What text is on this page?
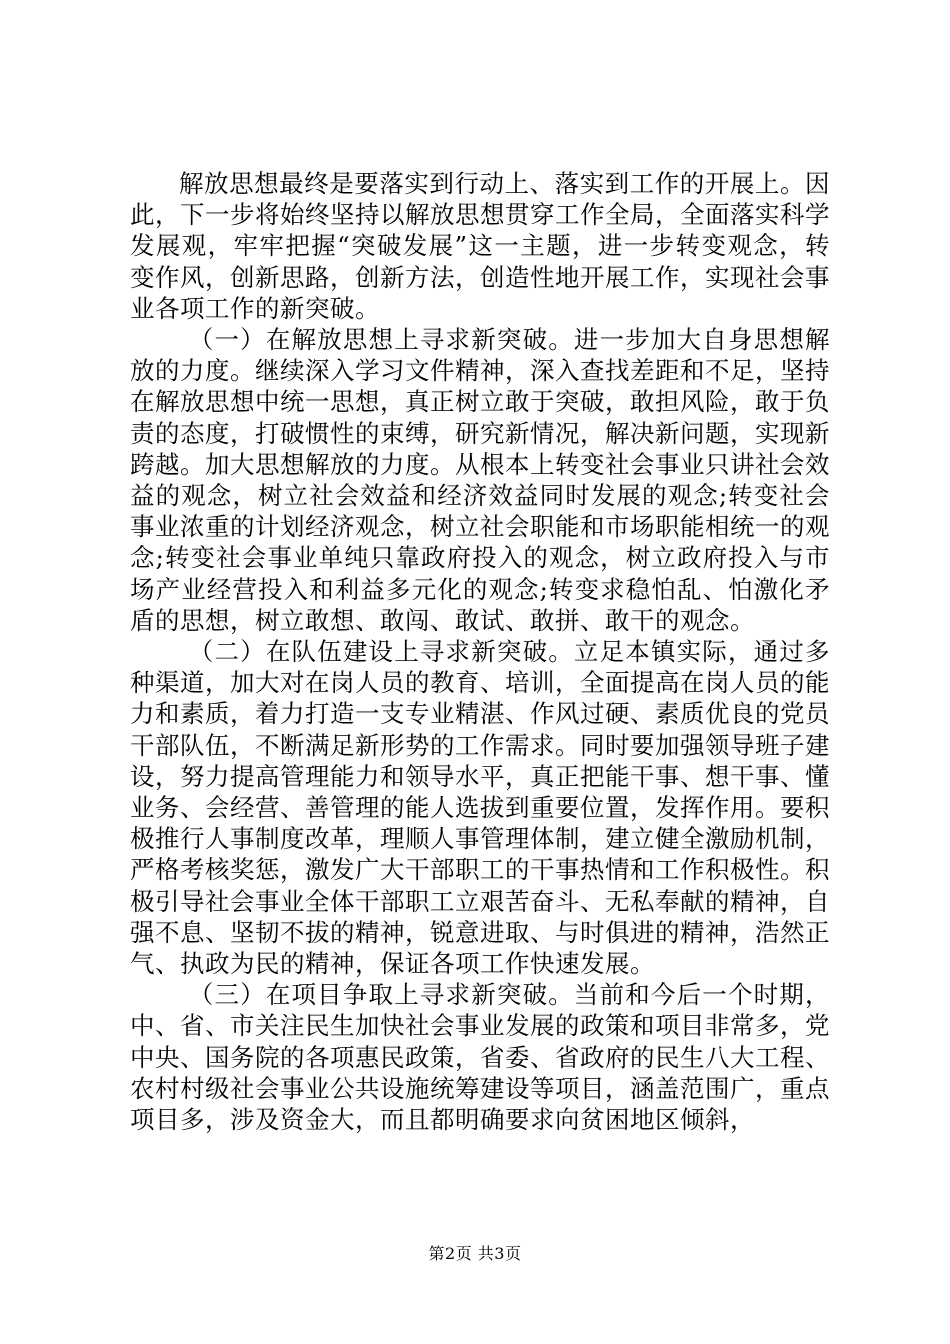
解放思想最终是要落实到行动上、落实到工作的开展上。因此，下一步将始终坚持以解放思想贯穿工作全局，全面落实科学发展观，牢牢把握“突破发展”这一主题，进一步转变观念，转变作风，创新思路，创新方法，创造性地开展工作，实现社会事业各项工作的新突破。

（一）在解放思想上寻求新突破。进一步加大自身思想解放的力度。继续深入学习文件精神，深入查找差距和不足，坚持在解放思想中统一思想，真正树立敢于突破，敢担风险，敢于负责的态度，打破惯性的束缚，研究新情况，解决新问题，实现新跨越。加大思想解放的力度。从根本上转变社会事业只讲社会效益的观念，树立社会效益和经济效益同时发展的观念;转变社会事业浓重的计划经济观念，树立社会职能和市场职能相统一的观念;转变社会事业单纯只靠政府投入的观念，树立政府投入与市场产业经营投入和利益多元化的观念;转变求稳怕乱、怕激化矛盾的思想，树立敢想、敢闯、敢试、敢拼、敢干的观念。

（二）在队伍建设上寻求新突破。立足本镇实际，通过多种渠道，加大对在岗人员的教育、培训，全面提高在岗人员的能力和素质，着力打造一支专业精湛、作风过硬、素质优良的党员干部队伍，不断满足新形势的工作需求。同时要加强领导班子建设，努力提高管理能力和领导水平，真正把能干事、想干事、懂业务、会经营、善管理的能人选拔到重要位置，发挥作用。要积极推行人事制度改革，理顺人事管理体制，建立健全激励机制，严格考核奖惩，激发广大干部职工的干事热情和工作积极性。积极引导社会事业全体干部职工立艰苦奋斗、无私奉献的精神，自强不息、坚韧不拔的精神，锐意进取、与时俱进的精神，浩然正气、执政为民的精神，保证各项工作快速发展。

（三）在项目争取上寻求新突破。当前和今后一个时期，中、省、市关注民生加快社会事业发展的政策和项目非常多，党中央、国务院的各项惠民政策，省委、省政府的民生八大工程、农村村级社会事业公共设施统筹建设等项目，涵盖范围广，重点项目多，涉及资金大，而且都明确要求向贫困地区倾斜，

第2页 共3页
